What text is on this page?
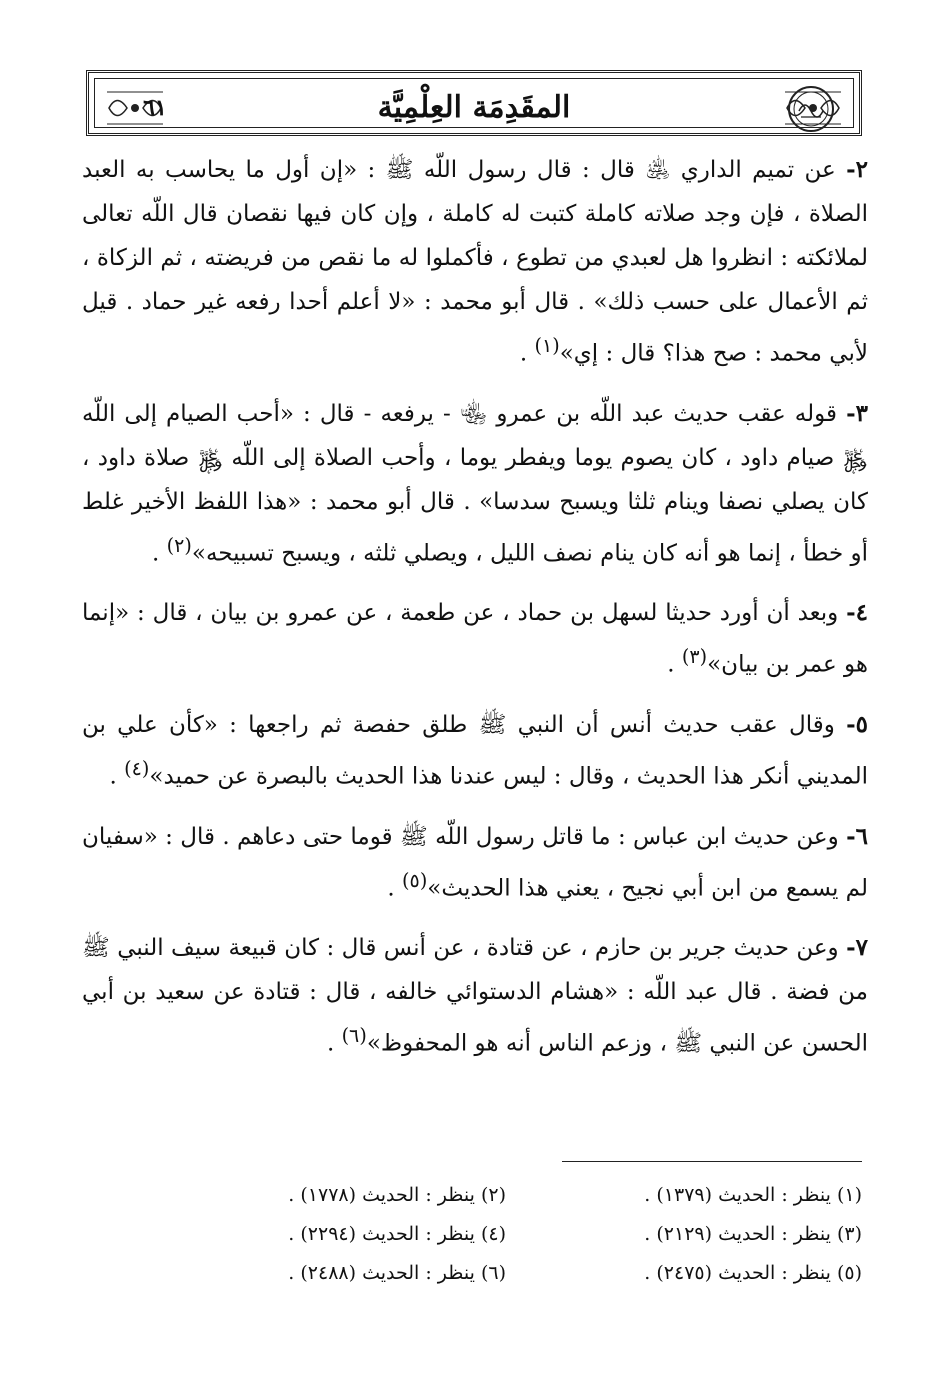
٦١	المقَدِمَة العِلْمِيَّة

٢- عن تميم الداري ﵁ قال : قال رسول اللّه ﷺ : «إن أول ما يحاسب به العبد الصلاة ، فإن وجد صلاته كاملة كتبت له كاملة ، وإن كان فيها نقصان قال اللّه تعالى لملائكته : انظروا هل لعبدي من تطوع ، فأكملوا له ما نقص من فريضته ، ثم الزكاة ، ثم الأعمال على حسب ذلك» . قال أبو محمد : «لا أعلم أحدا رفعه غير حماد . قيل لأبي محمد : صح هذا؟ قال : إي»$^{(١)}$ .

٣- قوله عقب حديث عبد اللّه بن عمرو ﵄ - يرفعه - قال : «أحب الصيام إلى اللّه ﷿ صيام داود ، كان يصوم يوما ويفطر يوما ، وأحب الصلاة إلى اللّه ﷿ صلاة داود ، كان يصلي نصفا وينام ثلثا ويسبح سدسا» . قال أبو محمد : «هذا اللفظ الأخير غلط أو خطأ ، إنما هو أنه كان ينام نصف الليل ، ويصلي ثلثه ، ويسبح تسبيحه»$^{(٢)}$ .

٤- وبعد أن أورد حديثا لسهل بن حماد ، عن طعمة ، عن عمرو بن بيان ، قال : «إنما هو عمر بن بيان»$^{(٣)}$ .

٥- وقال عقب حديث أنس أن النبي ﷺ طلق حفصة ثم راجعها : «كأن علي بن المديني أنكر هذا الحديث ، وقال : ليس عندنا هذا الحديث بالبصرة عن حميد»$^{(٤)}$ .

٦- وعن حديث ابن عباس : ما قاتل رسول اللّه ﷺ قوما حتى دعاهم . قال : «سفيان لم يسمع من ابن أبي نجيح ، يعني هذا الحديث»$^{(٥)}$ .

٧- وعن حديث جرير بن حازم ، عن قتادة ، عن أنس قال : كان قبيعة سيف النبي ﷺ من فضة . قال عبد اللّه : «هشام الدستوائي خالفه ، قال : قتادة عن سعيد بن أبي الحسن عن النبي ﷺ ، وزعم الناس أنه هو المحفوظ»$^{(٦)}$ .

(١) ينظر : الحديث (١٣٧٩) .
(٢) ينظر : الحديث (١٧٧٨) .
(٣) ينظر : الحديث (٢١٢٩) .
(٤) ينظر : الحديث (٢٢٩٤) .
(٥) ينظر : الحديث (٢٤٧٥) .
(٦) ينظر : الحديث (٢٤٨٨) .
